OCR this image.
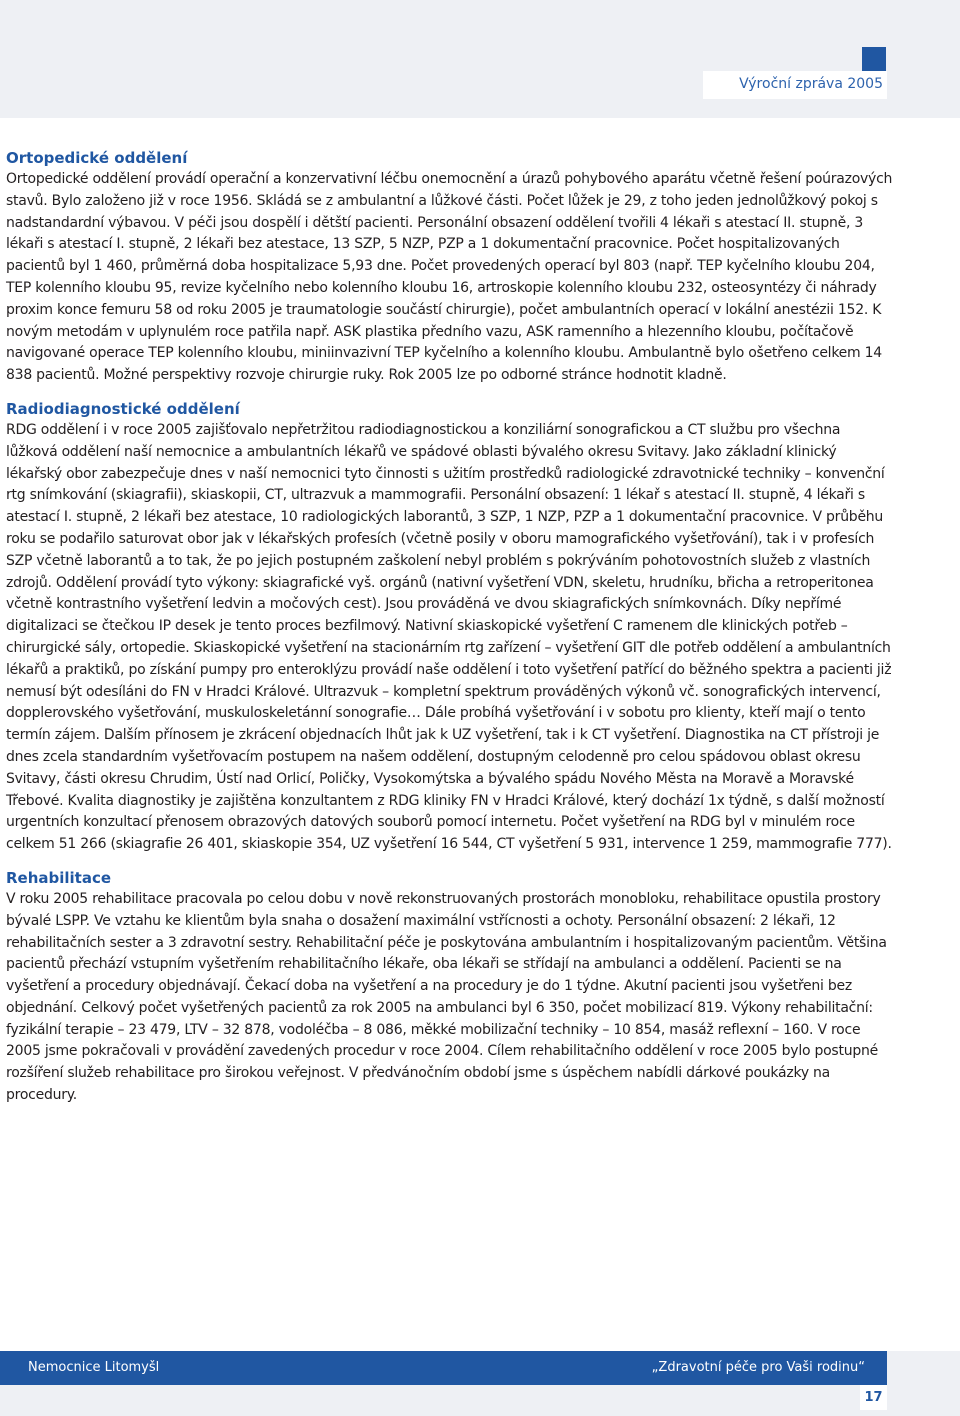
Výroční zpráva 2005
Ortopedické oddělení

Ortopedické oddělení provádí operační a konzervativní léčbu onemocnění a úrazů pohybového aparátu včetně řešení poúrazových stavů. Bylo založeno již v roce 1956. Skládá se z ambulantní a lůžkové části. Počet lůžek je 29, z toho jeden jednolůžkový pokoj s nadstandardní výbavou. V péči jsou dospělí i dětští pacienti. Personální obsazení oddělení tvořili 4 lékaři s atestací II. stupně, 3 lékaři s atestací I. stupně, 2 lékaři bez atestace, 13 SZP, 5 NZP, PZP a 1 dokumentační pracovnice. Počet hospitalizovaných pacientů byl 1 460, průměrná doba hospitalizace 5,93 dne. Počet provedených operací byl 803 (např. TEP kyčelního kloubu 204, TEP kolenního kloubu 95, revize kyčelního nebo kolenního kloubu 16, artroskopie kolenního kloubu 232, osteosyntézy či náhrady proxim konce femuru 58 od roku 2005 je traumatologie součástí chirurgie), počet ambulantních operací v lokální anestézii 152. K novým metodám v uplynulém roce patřila např. ASK plastika předního vazu, ASK ramenního a hlezenního kloubu, počítačově navigované operace TEP kolenního kloubu, miniinvazivní TEP kyčelního a kolenního kloubu. Ambulantně bylo ošetřeno celkem 14 838 pacientů. Možné perspektivy rozvoje chirurgie ruky. Rok 2005 lze po odborné stránce hodnotit kladně.

Radiodiagnostické oddělení

RDG oddělení i v roce 2005 zajišťovalo nepřetržitou radiodiagnostickou a konziliární sonografickou a CT službu pro všechna lůžková oddělení naší nemocnice a ambulantních lékařů ve spádové oblasti bývalého okresu Svitavy. Jako základní klinický lékařský obor zabezpečuje dnes v naší nemocnici tyto činnosti s užitím prostředků radiologické zdravotnické techniky – konvenční rtg snímkování (skiagrafii), skiaskopii, CT, ultrazvuk a mammografii. Personální obsazení: 1 lékař s atestací II. stupně, 4 lékaři s atestací I. stupně, 2 lékaři bez atestace, 10 radiologických laborantů, 3 SZP, 1 NZP, PZP a 1 dokumentační pracovnice. V průběhu roku se podařilo saturovat obor jak v lékařských profesích (včetně posily v oboru mamografického vyšetřování), tak i v profesích SZP včetně laborantů a to tak, že po jejich postupném zaškolení nebyl problém s pokrýváním pohotovostních služeb z vlastních zdrojů. Oddělení provádí tyto výkony: skiagrafické vyš. orgánů (nativní vyšetření VDN, skeletu, hrudníku, břicha a retroperitonea včetně kontrastního vyšetření ledvin a močových cest). Jsou prováděná ve dvou skiagrafických snímkovnách. Díky nepřímé digitalizaci se čtečkou IP desek je tento proces bezfilmový. Nativní skiaskopické vyšetření C ramenem dle klinických potřeb – chirurgické sály, ortopedie. Skiaskopické vyšetření na stacionárním rtg zařízení – vyšetření GIT dle potřeb oddělení a ambulantních lékařů a praktiků, po získání pumpy pro enteroklýzu provádí naše oddělení i toto vyšetření patřící do běžného spektra a pacienti již nemusí být odesíláni do FN v Hradci Králové. Ultrazvuk – kompletní spektrum prováděných výkonů vč. sonografických intervencí, dopplerovského vyšetřování, muskuloskeletánní sonografie… Dále probíhá vyšetřování i v sobotu pro klienty, kteří mají o tento termín zájem. Dalším přínosem je zkrácení objednacích lhůt jak k UZ vyšetření, tak i k CT vyšetření. Diagnostika na CT přístroji je dnes zcela standardním vyšetřovacím postupem na našem oddělení, dostupným celodenně pro celou spádovou oblast okresu Svitavy, části okresu Chrudim, Ústí nad Orlicí, Poličky, Vysokomýtska a bývalého spádu Nového Města na Moravě a Moravské Třebové. Kvalita diagnostiky je zajištěna konzultantem z RDG kliniky FN v Hradci Králové, který dochází 1x týdně, s další možností urgentních konzultací přenosem obrazových datových souborů pomocí internetu. Počet vyšetření na RDG byl v minulém roce celkem 51 266 (skiagrafie 26 401, skiaskopie 354, UZ vyšetření 16 544, CT vyšetření 5 931, intervence 1 259, mammografie 777).

Rehabilitace

V roku 2005 rehabilitace pracovala po celou dobu v nově rekonstruovaných prostorách monobloku, rehabilitace opustila prostory bývalé LSPP. Ve vztahu ke klientům byla snaha o dosažení maximální vstřícnosti a ochoty. Personální obsazení: 2 lékaři, 12 rehabilitačních sester a 3 zdravotní sestry. Rehabilitační péče je poskytována ambulantním i hospitalizovaným pacientům. Většina pacientů přechází vstupním vyšetřením rehabilitačního lékaře, oba lékaři se střídají na ambulanci a oddělení. Pacienti se na vyšetření a procedury objednávají. Čekací doba na vyšetření a na procedury je do 1 týdne. Akutní pacienti jsou vyšetřeni bez objednání. Celkový počet vyšetřených pacientů za rok 2005 na ambulanci byl 6 350, počet mobilizací 819. Výkony rehabilitační: fyzikální terapie – 23 479, LTV – 32 878, vodoléčba – 8 086, měkké mobilizační techniky – 10 854, masáž reflexní – 160. V roce 2005 jsme pokračovali v provádění zavedených procedur v roce 2004. Cílem rehabilitačního oddělení v roce 2005 bylo postupné rozšíření služeb rehabilitace pro širokou veřejnost. V předvánočním období jsme s úspěchem nabídli dárkové poukázky na procedury.

Nemocnice Litomyšl	„Zdravotní péče pro Vaši rodinu“
17
